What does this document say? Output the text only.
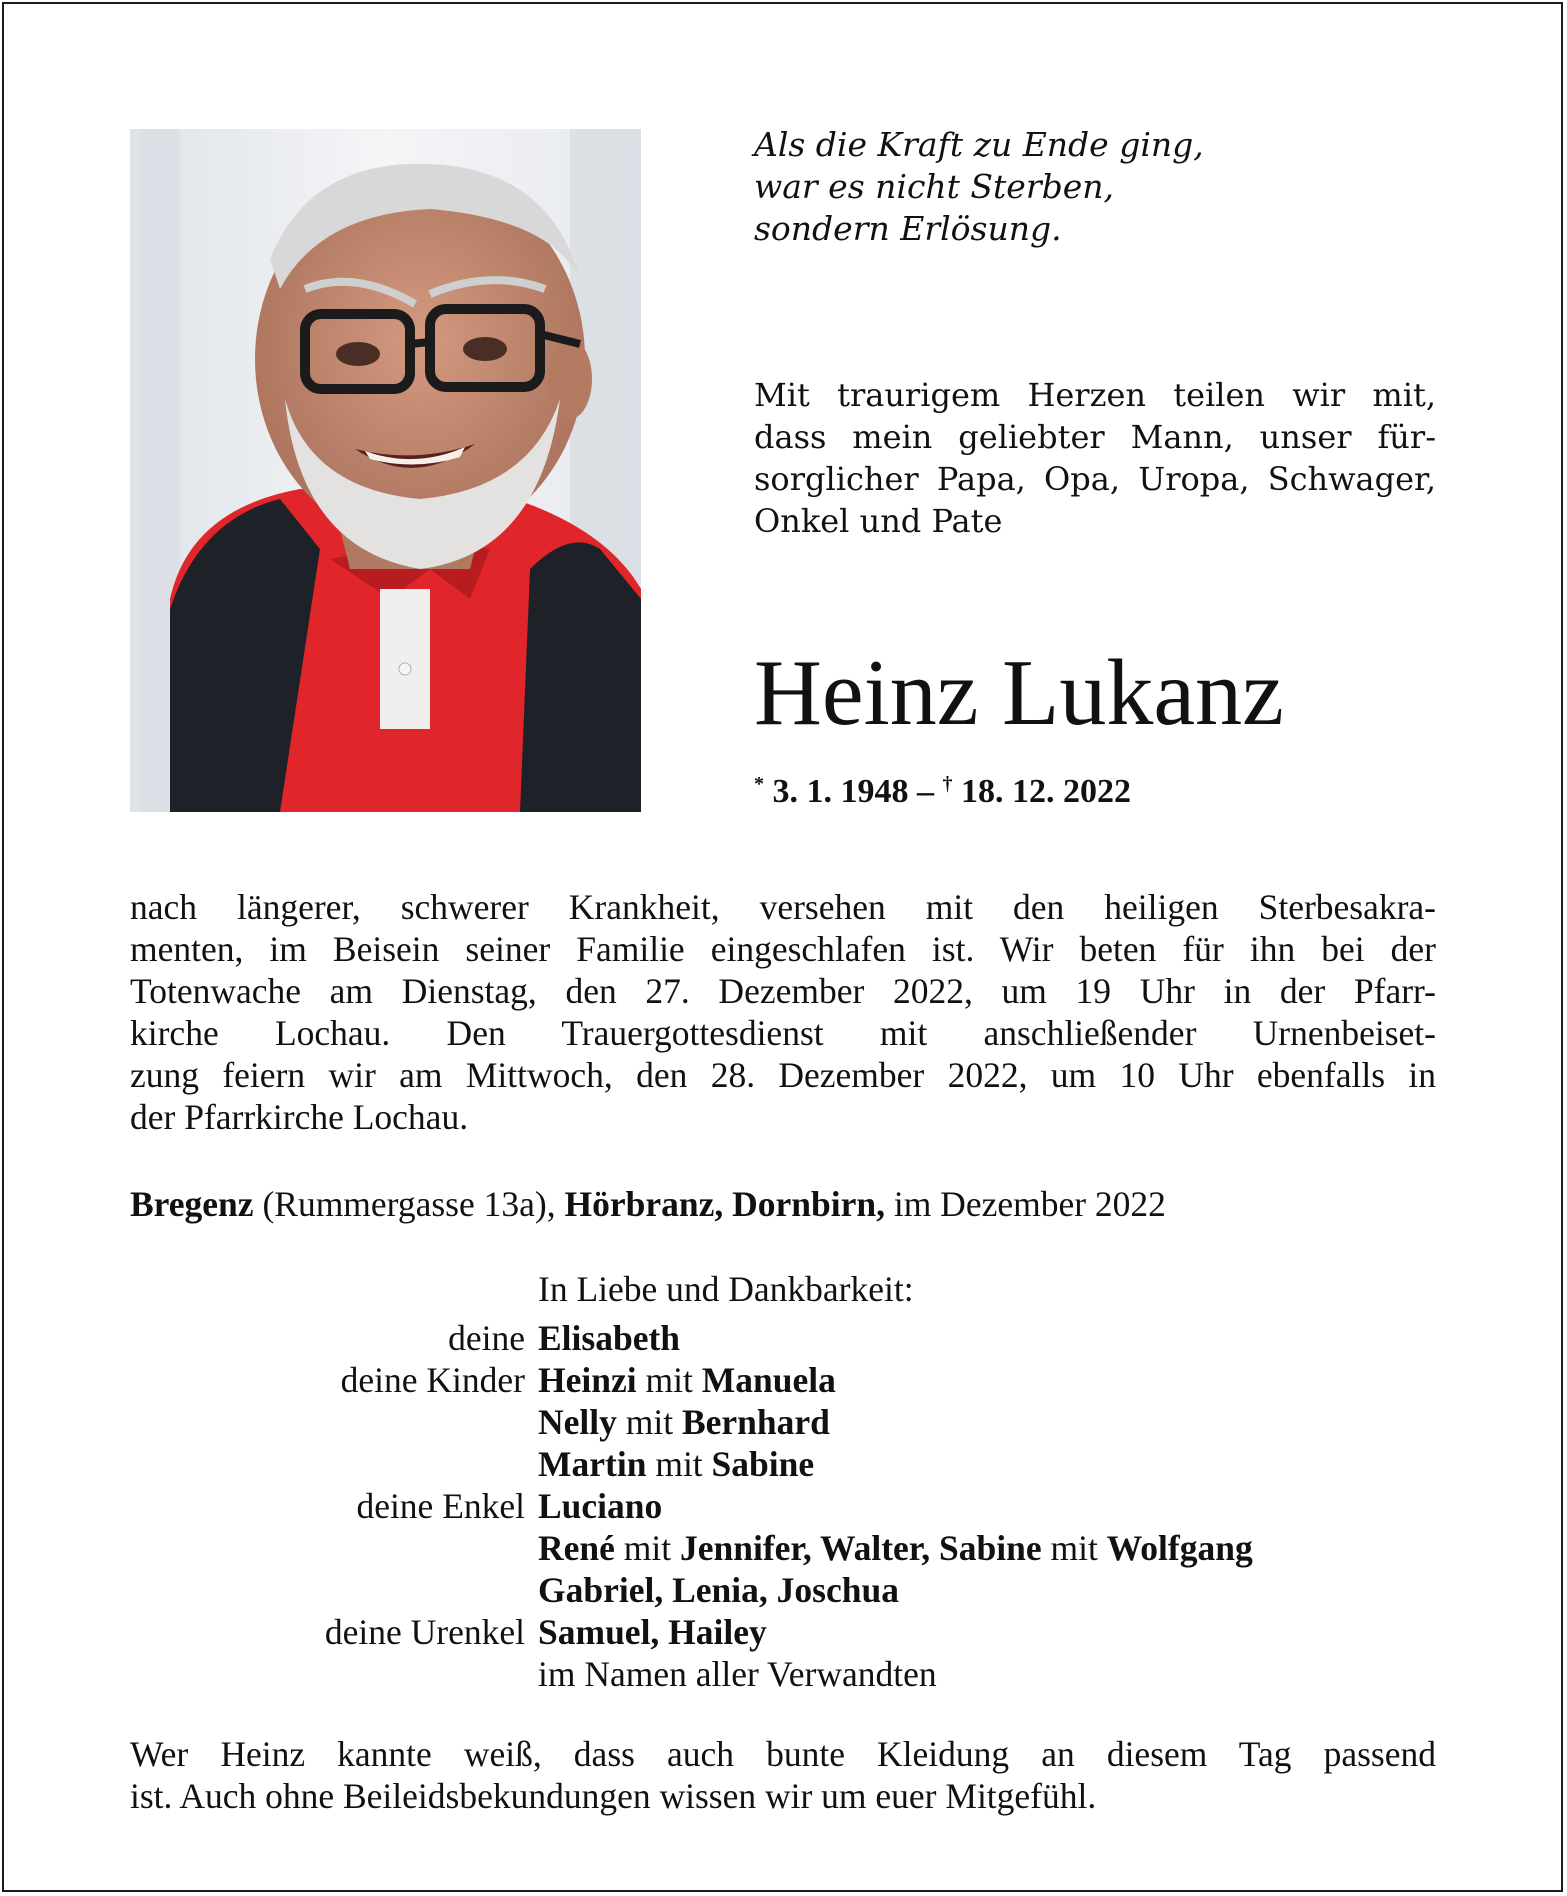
Als die Kraft zu Ende ging,
war es nicht Sterben,
sondern Erlösung.
Mit traurigem Herzen teilen wir mit,
dass mein geliebter Mann, unser für-
sorglicher Papa, Opa, Uropa, Schwager,
Onkel und Pate
Heinz Lukanz
* 3. 1. 1948 – † 18. 12. 2022
nach längerer, schwerer Krankheit, versehen mit den heiligen Sterbesakra-
menten, im Beisein seiner Familie eingeschlafen ist. Wir beten für ihn bei der
Totenwache am Dienstag, den 27. Dezember 2022, um 19 Uhr in der Pfarr-
kirche Lochau. Den Trauergottesdienst mit anschließender Urnenbeiset-
zung feiern wir am Mittwoch, den 28. Dezember 2022, um 10 Uhr ebenfalls in
der Pfarrkirche Lochau.
Bregenz (Rummergasse 13a), Hörbranz, Dornbirn, im Dezember 2022
In Liebe und Dankbarkeit:
deine Elisabeth
deine Kinder Heinzi mit Manuela
Nelly mit Bernhard
Martin mit Sabine
deine Enkel Luciano
René mit Jennifer, Walter, Sabine mit Wolfgang
Gabriel, Lenia, Joschua
deine Urenkel Samuel, Hailey
im Namen aller Verwandten
Wer Heinz kannte weiß, dass auch bunte Kleidung an diesem Tag passend
ist. Auch ohne Beileidsbekundungen wissen wir um euer Mitgefühl.
